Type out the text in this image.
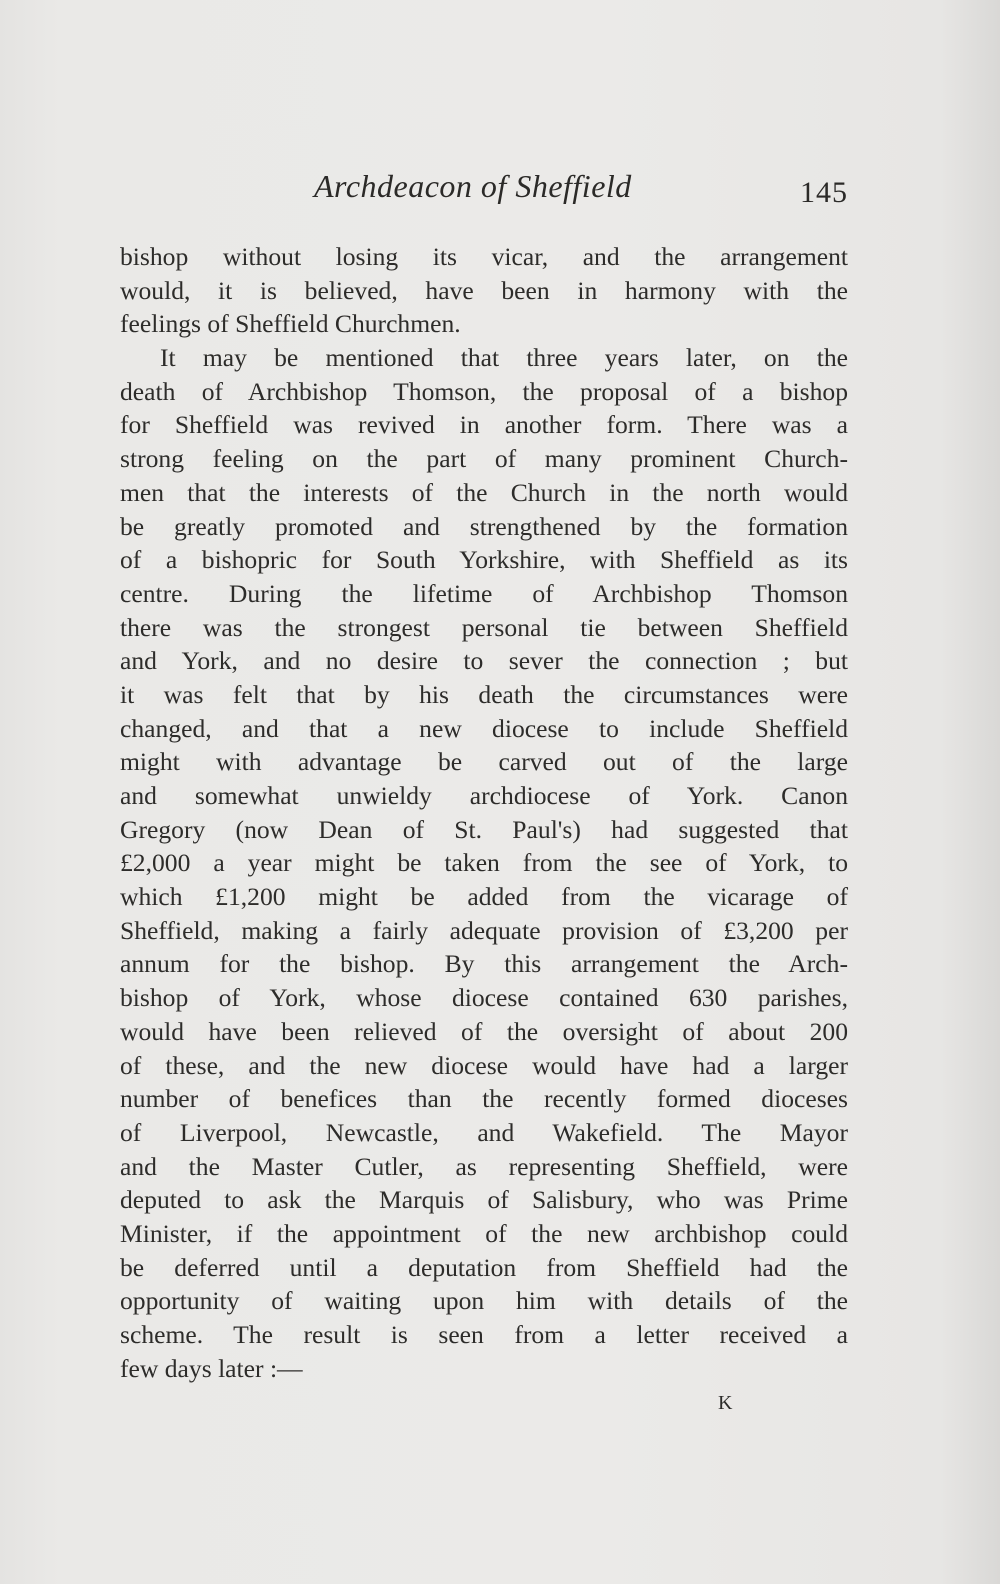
Archdeacon of Sheffield	145
bishop without losing its vicar, and the arrangement
would, it is believed, have been in harmony with the
feelings of Sheffield Churchmen.
It may be mentioned that three years later, on the
death of Archbishop Thomson, the proposal of a bishop
for Sheffield was revived in another form. There was a
strong feeling on the part of many prominent Church-
men that the interests of the Church in the north would
be greatly promoted and strengthened by the formation
of a bishopric for South Yorkshire, with Sheffield as its
centre. During the lifetime of Archbishop Thomson
there was the strongest personal tie between Sheffield
and York, and no desire to sever the connection ; but
it was felt that by his death the circumstances were
changed, and that a new diocese to include Sheffield
might with advantage be carved out of the large
and somewhat unwieldy archdiocese of York. Canon
Gregory (now Dean of St. Paul's) had suggested that
£2,000 a year might be taken from the see of York, to
which £1,200 might be added from the vicarage of
Sheffield, making a fairly adequate provision of £3,200 per
annum for the bishop. By this arrangement the Arch-
bishop of York, whose diocese contained 630 parishes,
would have been relieved of the oversight of about 200
of these, and the new diocese would have had a larger
number of benefices than the recently formed dioceses
of Liverpool, Newcastle, and Wakefield. The Mayor
and the Master Cutler, as representing Sheffield, were
deputed to ask the Marquis of Salisbury, who was Prime
Minister, if the appointment of the new archbishop could
be deferred until a deputation from Sheffield had the
opportunity of waiting upon him with details of the
scheme. The result is seen from a letter received a
few days later :—
K
